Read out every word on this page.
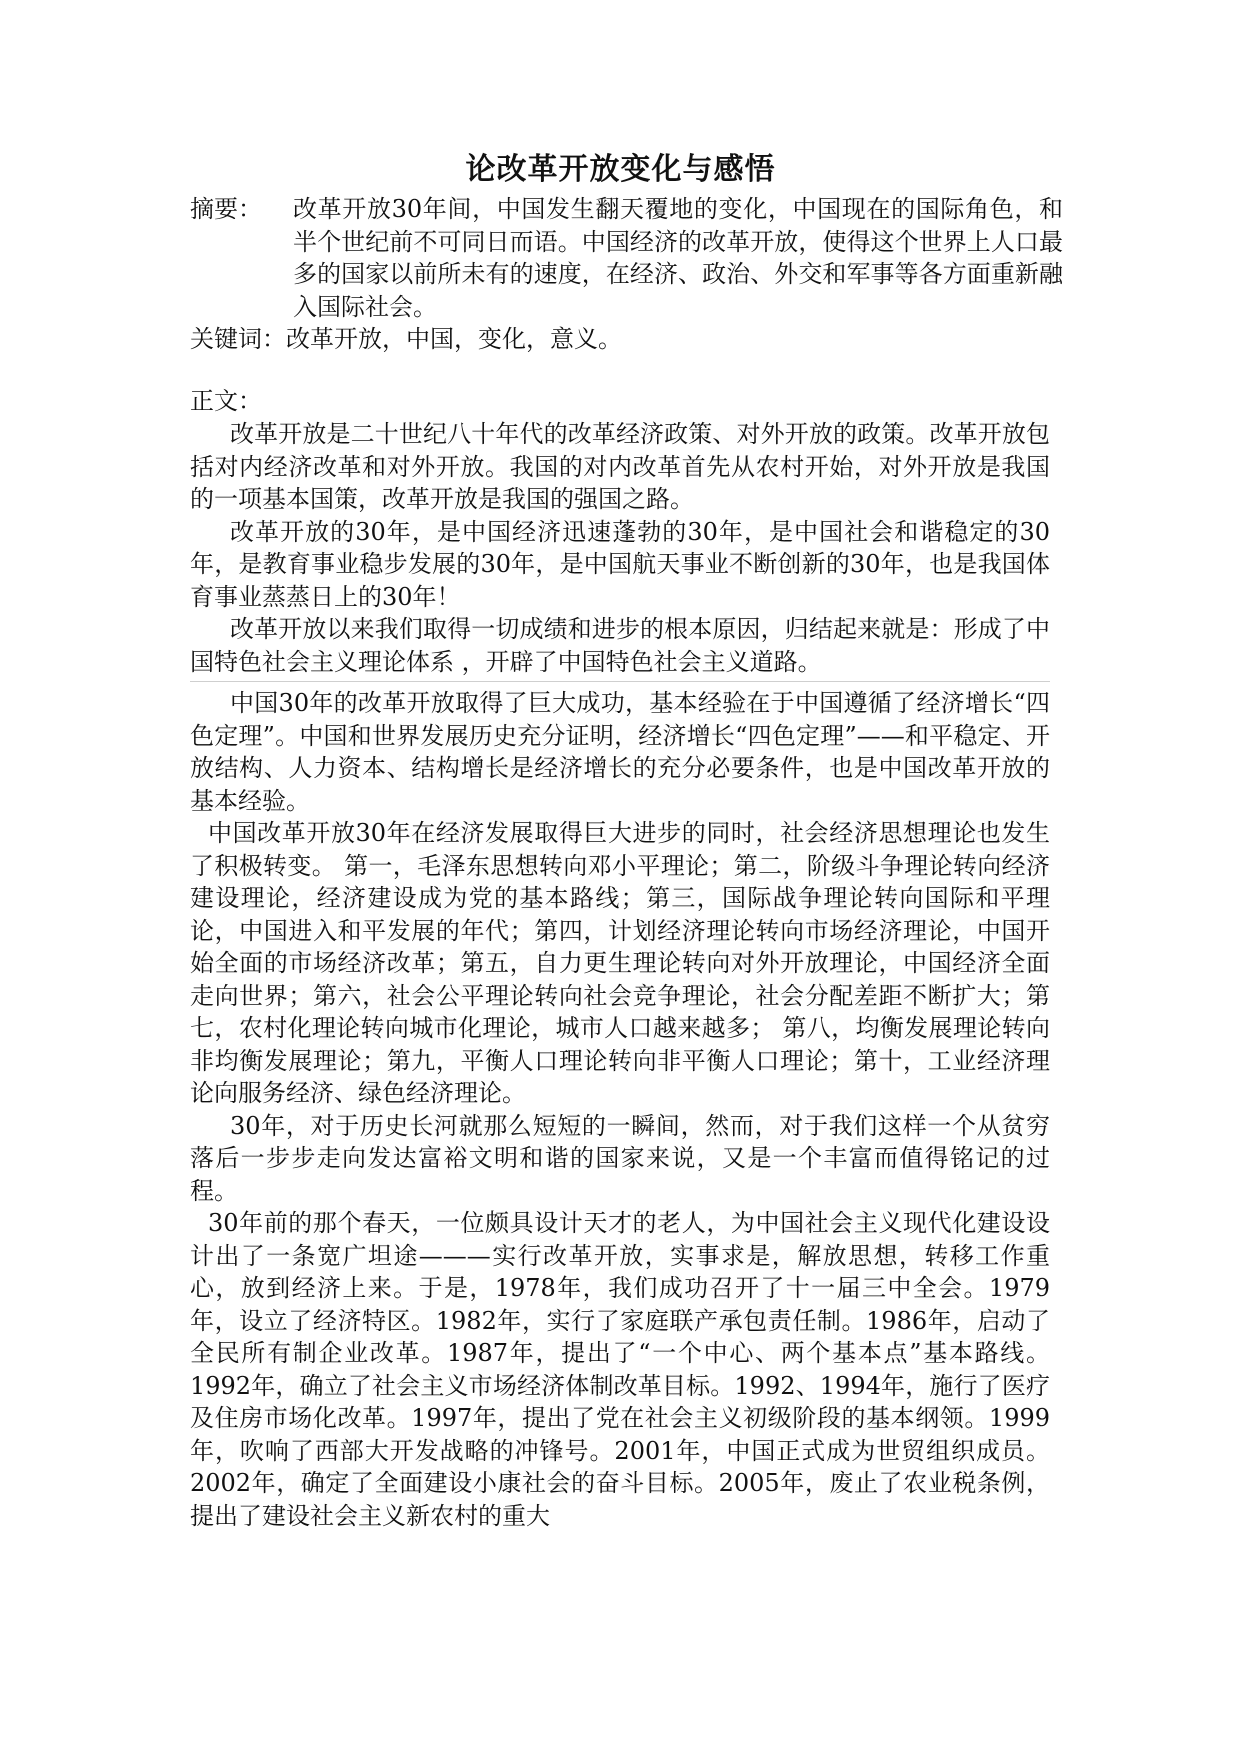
论改革开放变化与感悟
摘要： 改革开放30年间，中国发生翻天覆地的变化，中国现在的国际角色，和半个世纪前不可同日而语。中国经济的改革开放，使得这个世界上人口最多的国家以前所未有的速度，在经济、政治、外交和军事等各方面重新融入国际社会。
关键词：改革开放，中国，变化，意义。
正文：

改革开放是二十世纪八十年代的改革经济政策、对外开放的政策。改革开放包括对内经济改革和对外开放。我国的对内改革首先从农村开始，对外开放是我国的一项基本国策，改革开放是我国的强国之路。

改革开放的30年，是中国经济迅速蓬勃的30年，是中国社会和谐稳定的30年，是教育事业稳步发展的30年，是中国航天事业不断创新的30年，也是我国体育事业蒸蒸日上的30年！

改革开放以来我们取得一切成绩和进步的根本原因，归结起来就是：形成了中国特色社会主义理论体系 ，开辟了中国特色社会主义道路。

中国30年的改革开放取得了巨大成功，基本经验在于中国遵循了经济增长“四色定理”。中国和世界发展历史充分证明，经济增长“四色定理”——和平稳定、开放结构、人力资本、结构增长是经济增长的充分必要条件，也是中国改革开放的基本经验。

中国改革开放30年在经济发展取得巨大进步的同时，社会经济思想理论也发生了积极转变。 第一，毛泽东思想转向邓小平理论；第二，阶级斗争理论转向经济建设理论，经济建设成为党的基本路线；第三，国际战争理论转向国际和平理论，中国进入和平发展的年代；第四，计划经济理论转向市场经济理论，中国开始全面的市场经济改革；第五，自力更生理论转向对外开放理论，中国经济全面走向世界；第六，社会公平理论转向社会竞争理论，社会分配差距不断扩大；第七，农村化理论转向城市化理论，城市人口越来越多； 第八，均衡发展理论转向非均衡发展理论；第九，平衡人口理论转向非平衡人口理论；第十，工业经济理论向服务经济、绿色经济理论。

30年，对于历史长河就那么短短的一瞬间，然而，对于我们这样一个从贫穷落后一步步走向发达富裕文明和谐的国家来说，又是一个丰富而值得铭记的过程。

30年前的那个春天，一位颇具设计天才的老人，为中国社会主义现代化建设设计出了一条宽广坦途———实行改革开放，实事求是，解放思想，转移工作重心，放到经济上来。于是，1978年，我们成功召开了十一届三中全会。1979年，设立了经济特区。1982年，实行了家庭联产承包责任制。1986年，启动了全民所有制企业改革。1987年，提出了“一个中心、两个基本点”基本路线。1992年，确立了社会主义市场经济体制改革目标。1992、1994年，施行了医疗及住房市场化改革。1997年，提出了党在社会主义初级阶段的基本纲领。1999年，吹响了西部大开发战略的冲锋号。2001年，中国正式成为世贸组织成员。2002年，确定了全面建设小康社会的奋斗目标。2005年，废止了农业税条例，提出了建设社会主义新农村的重大
